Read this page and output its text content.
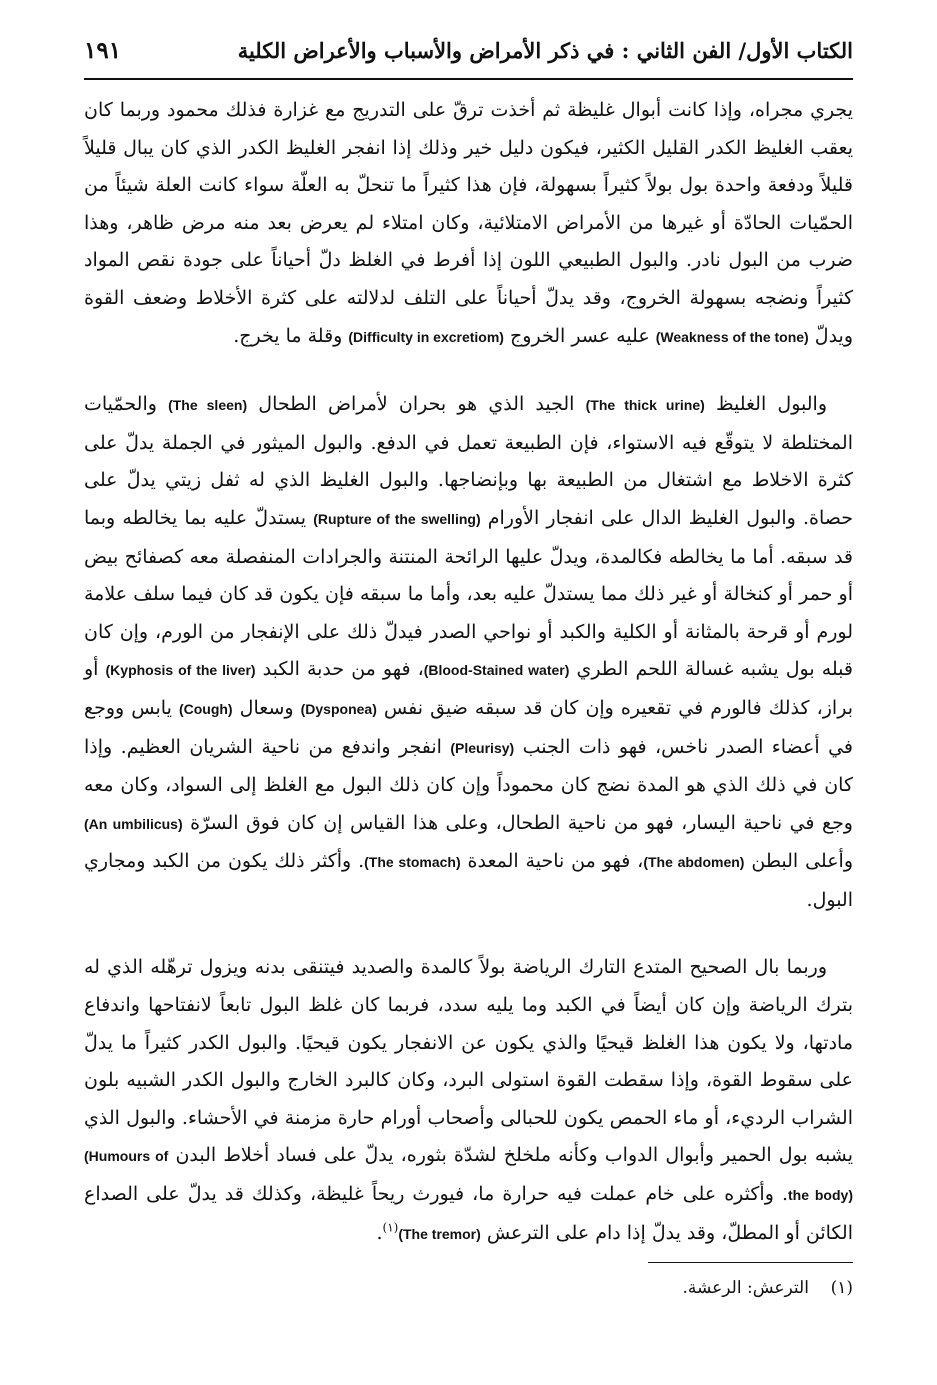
الكتاب الأول/ الفن الثاني : في ذكر الأمراض والأسباب والأعراض الكلية
١٩١

يجري مجراه، وإذا كانت أبوال غليظة ثم أخذت ترقّ على التدريج مع غزارة فذلك محمود وربما كان يعقب الغليظ الكدر القليل الكثير، فيكون دليل خير وذلك إذا انفجر الغليظ الكدر الذي كان يبال قليلاً قليلاً ودفعة واحدة بول بولاً كثيراً بسهولة، فإن هذا كثيراً ما تنحلّ به العلّة سواء كانت العلة شيئاً من الحمّيات الحادّة أو غيرها من الأمراض الامتلائية، وكان امتلاء لم يعرض بعد منه مرض ظاهر، وهذا ضرب من البول نادر. والبول الطبيعي اللون إذا أفرط في الغلظ دلّ أحياناً على جودة نقص المواد كثيراً ونضجه بسهولة الخروج، وقد يدلّ أحياناً على التلف لدلالته على كثرة الأخلاط وضعف القوة ويدلّ (Weakness of the tone) عليه عسر الخروج (Difficulty in excretiom) وقلة ما يخرج.

والبول الغليظ (The thick urine) الجيد الذي هو بحران لأمراض الطحال (The sleen) والحمّيات المختلطة لا يتوقّع فيه الاستواء، فإن الطبيعة تعمل في الدفع. والبول الميثور في الجملة يدلّ على كثرة الاخلاط مع اشتغال من الطبيعة بها وبإنضاجها. والبول الغليظ الذي له ثفل زيتي يدلّ على حصاة. والبول الغليظ الدال على انفجار الأورام (Rupture of the swelling) يستدلّ عليه بما يخالطه وبما قد سبقه. أما ما يخالطه فكالمدة، ويدلّ عليها الرائحة المنتنة والجرادات المنفصلة معه كصفائح بيض أو حمر أو كنخالة أو غير ذلك مما يستدلّ عليه بعد، وأما ما سبقه فإن يكون قد كان فيما سلف علامة لورم أو قرحة بالمثانة أو الكلية والكبد أو نواحي الصدر فيدلّ ذلك على الإنفجار من الورم، وإن كان قبله بول يشبه غسالة اللحم الطري (Blood-Stained water)، فهو من حدبة الكبد (Kyphosis of the liver) أو براز، كذلك فالورم في تقعيره وإن كان قد سبقه ضيق نفس (Dysponea) وسعال (Cough) يابس ووجع في أعضاء الصدر ناخس، فهو ذات الجنب (Pleurisy) انفجر واندفع من ناحية الشريان العظيم. وإذا كان في ذلك الذي هو المدة نضج كان محموداً وإن كان ذلك البول مع الغلظ إلى السواد، وكان معه وجع في ناحية اليسار، فهو من ناحية الطحال، وعلى هذا القياس إن كان فوق السرّة (An umbilicus) وأعلى البطن (The abdomen)، فهو من ناحية المعدة (The stomach). وأكثر ذلك يكون من الكبد ومجاري البول.

وربما بال الصحيح المتدع التارك الرياضة بولاً كالمدة والصديد فيتنقى بدنه ويزول ترهّله الذي له بترك الرياضة وإن كان أيضاً في الكبد وما يليه سدد، فربما كان غلظ البول تابعاً لانفتاحها واندفاع مادتها، ولا يكون هذا الغلظ قيحيًا والذي يكون عن الانفجار يكون قيحيًا. والبول الكدر كثيراً ما يدلّ على سقوط القوة، وإذا سقطت القوة استولى البرد، وكان كالبرد الخارج والبول الكدر الشبيه بلون الشراب الرديء، أو ماء الحمص يكون للحبالى وأصحاب أورام حارة مزمنة في الأحشاء. والبول الذي يشبه بول الحمير وأبوال الدواب وكأنه ملخلخ لشدّة بثوره، يدلّ على فساد أخلاط البدن (Humours of the body). وأكثره على خام عملت فيه حرارة ما، فيورث ريحاً غليظة، وكذلك قد يدلّ على الصداع الكائن أو المطلّ، وقد يدلّ إذا دام على الترعش (The tremor)$^{(١)}$.

(١)    الترعش: الرعشة.
